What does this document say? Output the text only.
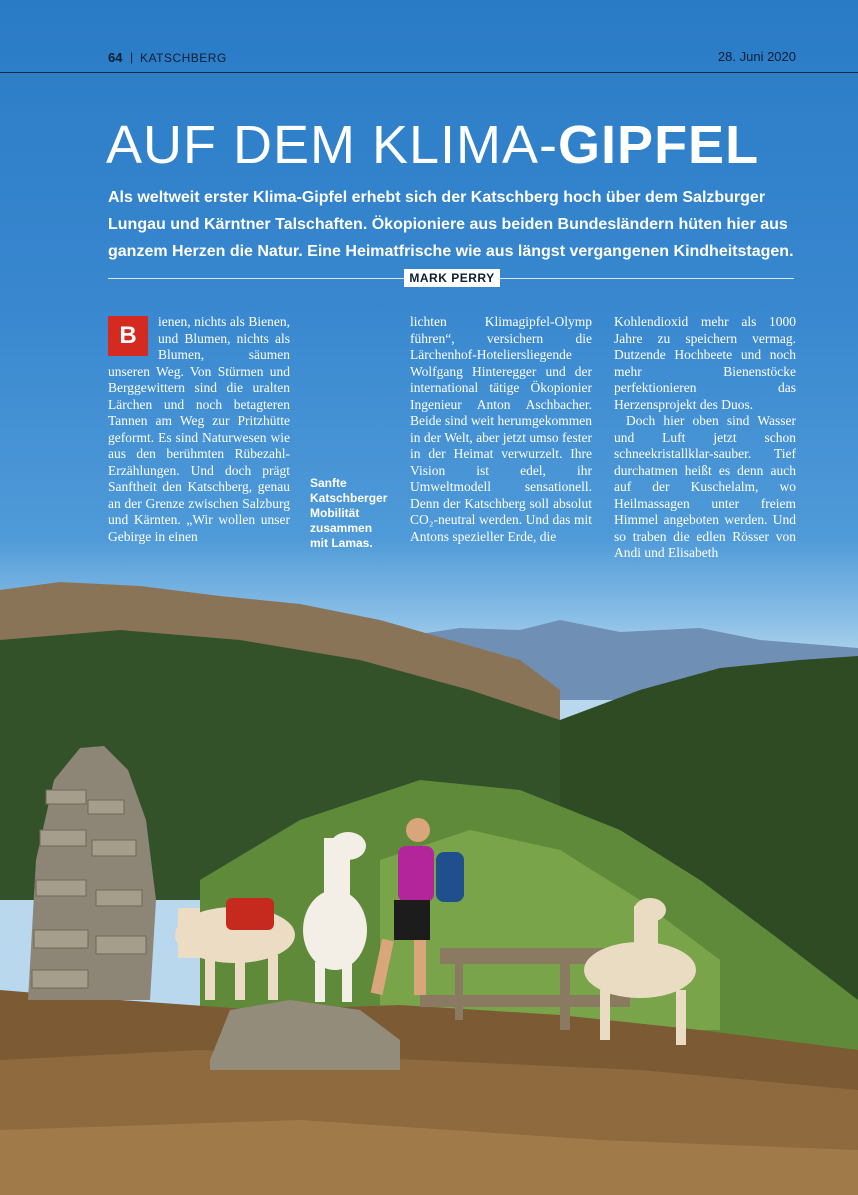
64 | KATSCHBERG	28. Juni 2020
AUF DEM KLIMA-GIPFEL
Als weltweit erster Klima-Gipfel erhebt sich der Katschberg hoch über dem Salzburger Lungau und Kärntner Talschaften. Ökopioniere aus beiden Bundesländern hüten hier aus ganzem Herzen die Natur. Eine Heimatfrische wie aus längst vergangenen Kindheitstagen.
MARK PERRY
B
ienen, nichts als Bienen, und Blumen, nichts als Blumen, säumen unseren Weg. Von Stürmen und Berggewittern sind die uralten Lärchen und noch betagteren Tannen am Weg zur Pritzhütte geformt. Es sind Naturwesen wie aus den berühmten Rübezahl-Erzählungen. Und doch prägt Sanftheit den Katschberg, genau an der Grenze zwischen Salzburg und Kärnten. „Wir wollen unser Gebirge in einen
Sanfte Katschberger Mobilität zusammen mit Lamas.
lichten Klimagipfel-Olymp führen“, versichern die Lärchenhof-Hoteliersliegende Wolfgang Hinteregger und der international tätige Ökopionier Ingenieur Anton Aschbacher. Beide sind weit herumgekommen in der Welt, aber jetzt umso fester in der Heimat verwurzelt. Ihre Vision ist edel, ihr Umweltmodell sensationell. Denn der Katschberg soll absolut CO₂-neutral werden. Und das mit Antons spezieller Erde, die
Kohlendioxid mehr als 1000 Jahre zu speichern vermag. Dutzende Hochbeete und noch mehr Bienenstöcke perfektionieren das Herzensprojekt des Duos.
Doch hier oben sind Wasser und Luft jetzt schon schneekristallklar-sauber. Tief durchatmen heißt es denn auch auf der Kuschelalm, wo Heilmassagen unter freiem Himmel angeboten werden. Und so traben die edlen Rösser von Andi und Elisabeth
